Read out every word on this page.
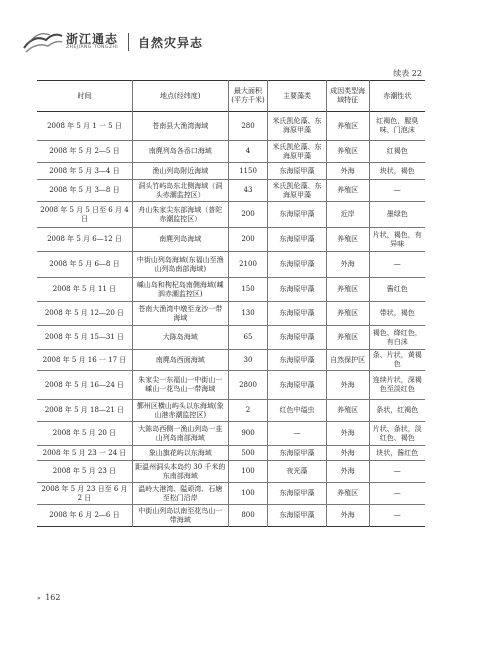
浙江通志
ZHEJIANG TONGZHI 自然灾异志
续表 22
时间	地点(经纬度)	最大面积(平方千米)	主要藻类	成因类型海域特征	赤潮性状
2008 年 5 月 1 一 5 日	苍南县大渔湾海域	280	米氏凯伦藻、东海原甲藻	养殖区	红褐色，腥臭味，门泡沫
2008 年 5 月 2—5 日	南麂列岛各岙口海域	4	米氏凯伦藻、东海原甲藻	养殖区	红褐色
2008 年 5 月 3—4 日	渔山列岛附近海域	1150	东海原甲藻	外海	块状，褐色
2008 年 5 月 3—8 日	洞头竹屿岛东北侧海域（洞头赤潮监控区）	43	米氏凯伦藻、东海原甲藻	养殖区	—
2008 年 5 月 5 日至 6 月 4 日	舟山朱家尖东部海域（普陀赤潮监控区）	200	东海原甲藻	近岸	墨绿色
2008 年 5 月 6—12 日	南麂列岛海域	200	东海原甲藻	养殖区	片状，褐色，有异味
2008 年 5 月 6—8 日	中街山列岛海域(东福山至渔山列岛南部海域)	2100	东海原甲藻	外海	—
2008 年 5 月 11 日	嵊山岛和枸杞岛南侧海域(嵊泗赤潮监控区)	150	东海原甲藻	养殖区	酱红色
2008 年 5 月 12—20 日	苍南大渔湾中墩至龙沙一带海域	130	东海原甲藻	养殖区	带状，褐色
2008 年 5 月 15—31 日	大陈岛海域	65	东海原甲藻	养殖区	褐色、绛红色，有白沫
2008 年 5 月 16 一 17 日	南麂岛西面海域	30	东海原甲藻	自然保护区	条、片状，黄褐色
2008 年 5 月 16—24 日	朱家尖一东福山一中街山一嵊山一花鸟山一带海域	2800	东海原甲藻	外海	连续片状，深褐色至淡红色
2008 年 5 月 18—21 日	鄞州区横山屿头以东海域(象山港赤潮监控区)	2	红色中缢虫	养殖区	条状，红褐色
2008 年 5 月 20 日	大陈岛西侧一渔山列岛一韭山列岛南部海域	900	—	外海	片状、条状，淡红色、褐色
2008 年 5 月 23 一 24 日	象山旗花屿以东海域	500	东海原甲藻	外海	块状，酱红色
2008 年 5 月 23 日	距温州洞头本岛约 30 千米的东南部海域	100	夜光藻	外海	—
2008 年 5 月 23 日至 6 月 2 日	温岭大港湾、隘顽湾、石塘至松门沿岸	100	东海原甲藻	养殖区	—
2008 年 6 月 2—6 日	中街山列岛以南至花鸟山一带海域	800	东海原甲藻	外海	—
» 162
